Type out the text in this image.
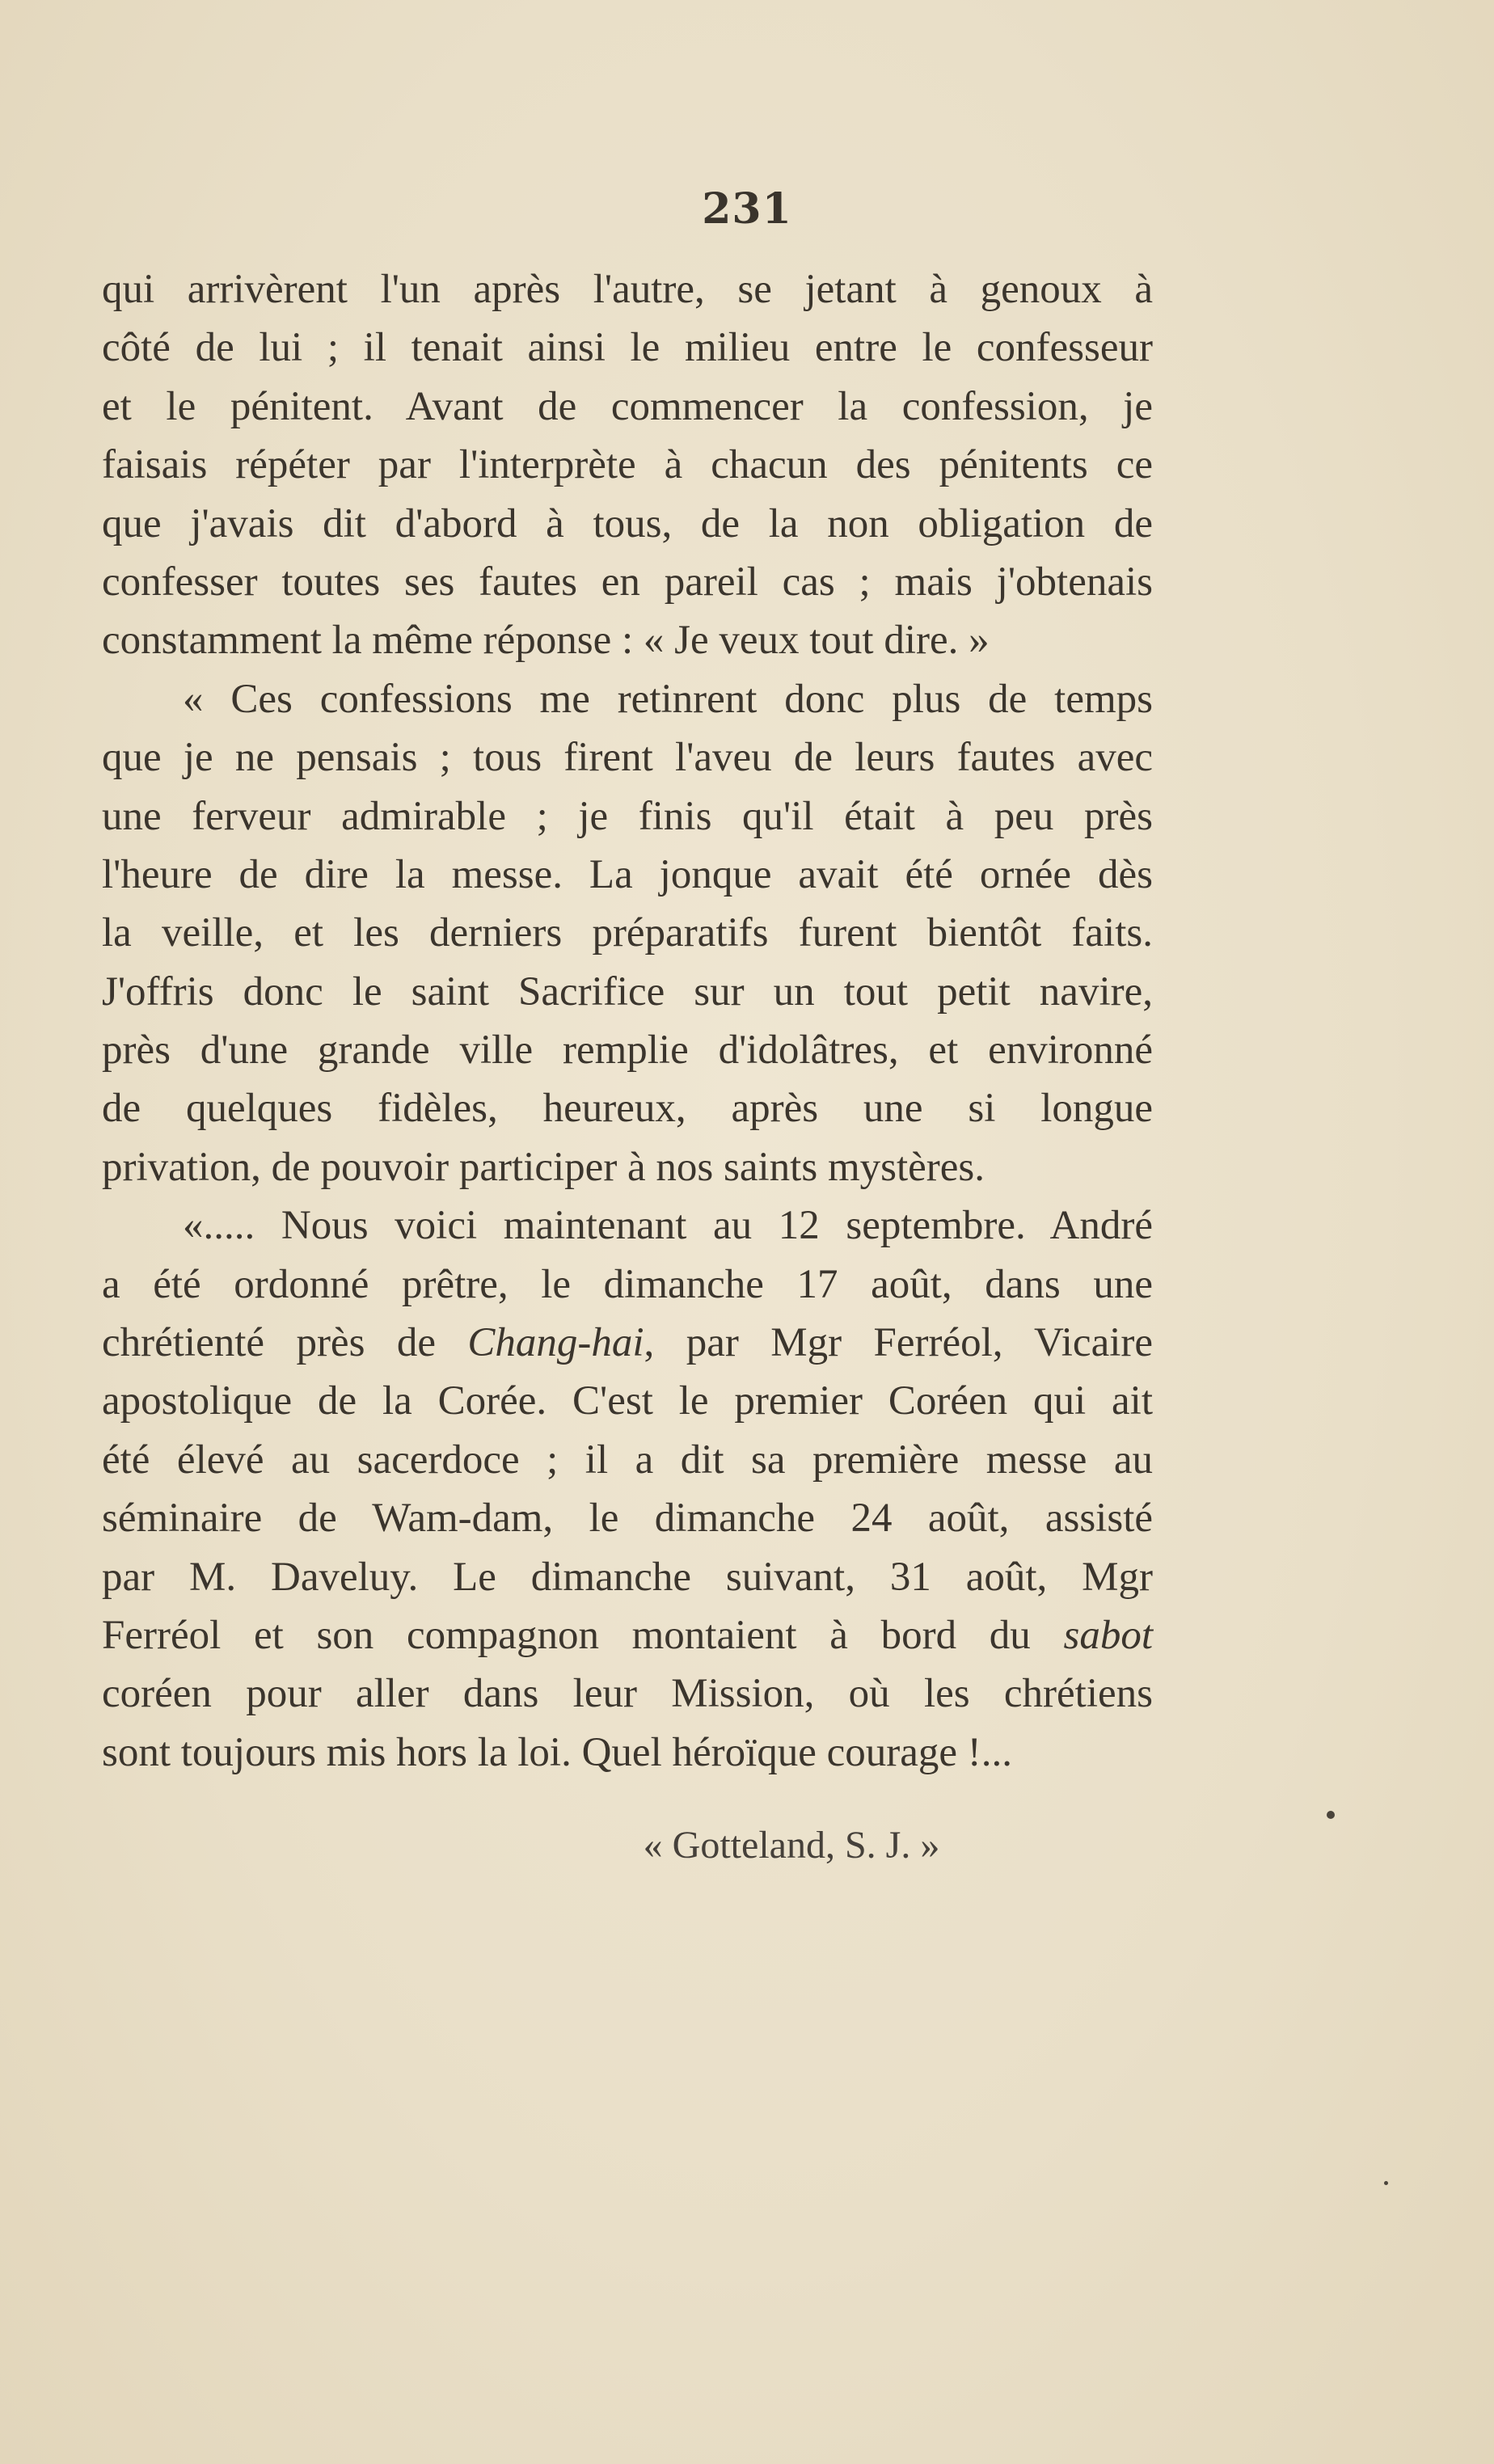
231
qui arrivèrent l'un après l'autre, se jetant à genoux à
côté de lui ; il tenait ainsi le milieu entre le confesseur
et le pénitent. Avant de commencer la confession, je
faisais répéter par l'interprète à chacun des pénitents ce
que j'avais dit d'abord à tous, de la non obligation de
confesser toutes ses fautes en pareil cas ; mais j'obtenais
constamment la même réponse : « Je veux tout dire. »
« Ces confessions me retinrent donc plus de temps
que je ne pensais ; tous firent l'aveu de leurs fautes avec
une ferveur admirable ; je finis qu'il était à peu près
l'heure de dire la messe. La jonque avait été ornée dès
la veille, et les derniers préparatifs furent bientôt faits.
J'offris donc le saint Sacrifice sur un tout petit navire,
près d'une grande ville remplie d'idolâtres, et environné
de quelques fidèles, heureux, après une si longue
privation, de pouvoir participer à nos saints mystères.
«..... Nous voici maintenant au 12 septembre. André
a été ordonné prêtre, le dimanche 17 août, dans une
chrétienté près de Chang-hai, par Mgr Ferréol, Vicaire
apostolique de la Corée. C'est le premier Coréen qui ait
été élevé au sacerdoce ; il a dit sa première messe au
séminaire de Wam-dam, le dimanche 24 août, assisté
par M. Daveluy. Le dimanche suivant, 31 août, Mgr
Ferréol et son compagnon montaient à bord du sabot
coréen pour aller dans leur Mission, où les chrétiens
sont toujours mis hors la loi. Quel héroïque courage !...
« Gotteland, S. J. »
